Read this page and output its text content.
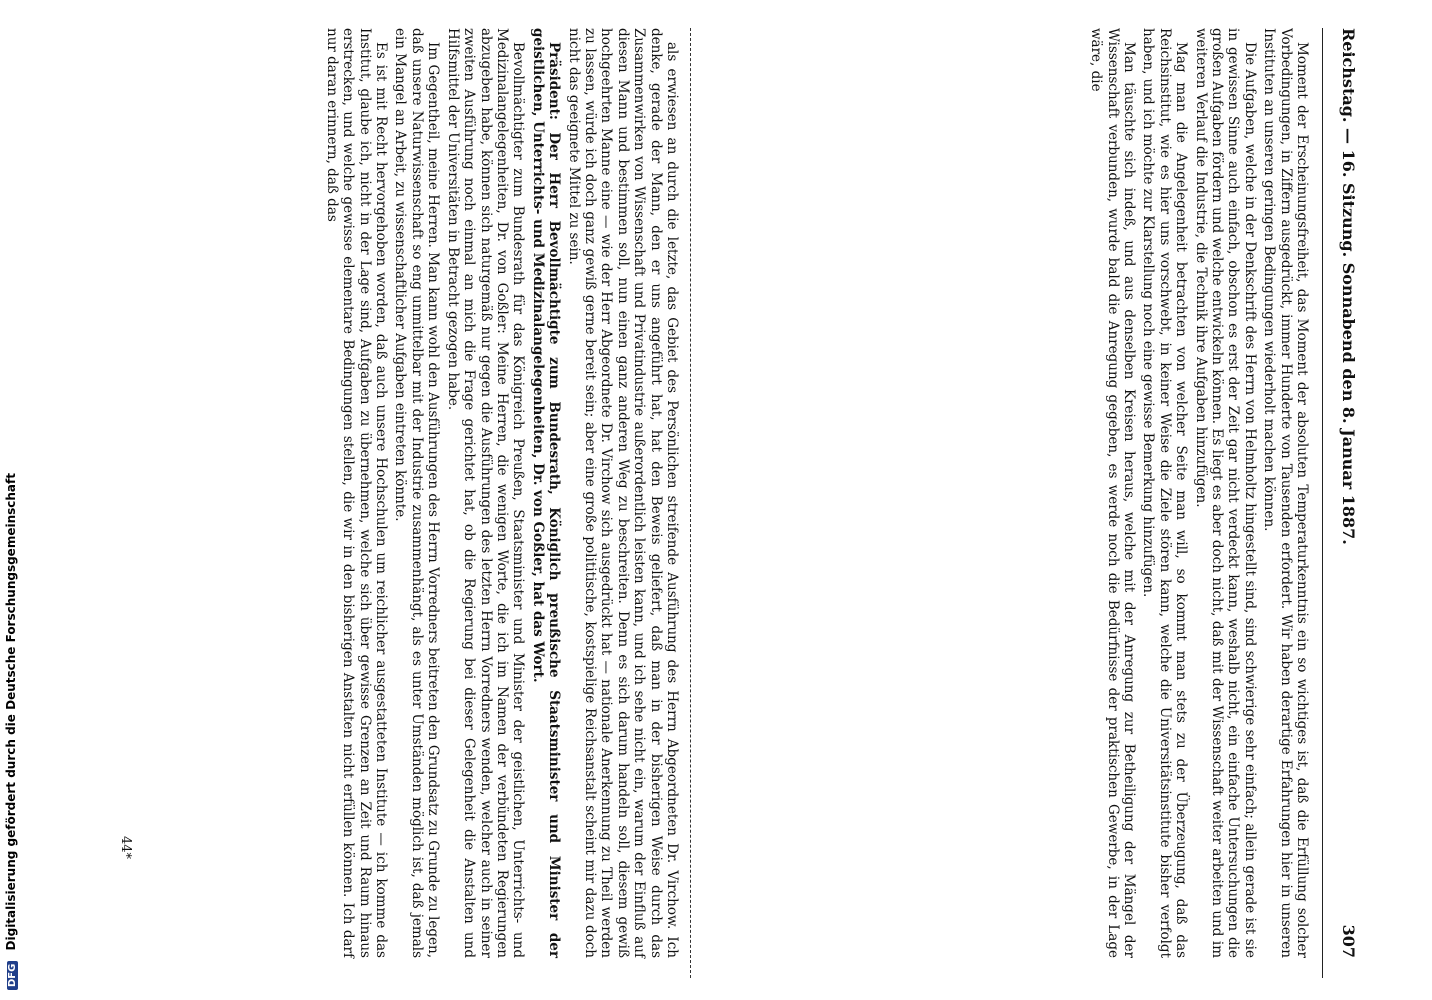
DFG Digitalisierung gefördert durch die Deutsche Forschungsgemeinschaft	als erwiesen an durch die letzte, das Gebiet des Persönlichen streifende Ausführung des Herrn Abgeordneten Dr. Virchow. Ich denke, gerade der Mann, den er uns angeführt hat, hat den Beweis geliefert, daß man in der bisherigen Weise durch das Zusammenwirken von Wissenschaft und Privatindustrie außerordentlich leisten kann, und ich sehe nicht ein, warum der Einfluß auf diesen Mann und bestimmen soll, nun einen ganz anderen Weg zu beschreiten. Denn es sich darum handeln soll, diesem gewiß hochgeehrten Manne eine — wie der Herr Abgeordnete Dr. Virchow sich ausgedrückt hat — nationale Anerkennung zu Theil werden zu lassen, würde ich doch ganz gewiß gerne bereit sein; aber eine große polititische, kostspielige Reichsanstalt scheint mir dazu doch nicht das geeignete Mittel zu sein.

Präsident: Der Herr Bevollmächtigte zum Bundesrath, Königlich preußische Staatsminister und Minister der geistlichen, Unterrichts- und Medizinalangelegenheiten, Dr. von Goßler, hat das Wort.

Bevollmächtigter zum Bundesrath für das Königreich Preußen, Staatsminister und Minister der geistlichen, Unterrichts- und Medizinalangelegenheiten, Dr. von Goßler: Meine Herren, die wenigen Worte, die ich im Namen der verbündeten Regierungen abzugeben habe, können sich naturgemäß nur gegen die Ausführungen des letzten Herrn Vorredners wenden, welcher auch in seiner zweiten Ausführung noch einmal an mich die Frage gerichtet hat, ob die Regierung bei dieser Gelegenheit die Anstalten und Hilfsmittel der Universitäten in Betracht gezogen habe.

Im Gegentheil, meine Herren. Man kann wohl den Ausführungen des Herrn Vorredners beitreten den Grundsatz zu Grunde zu legen, daß unsere Naturwissenschaft so eng unmittelbar mit der Industrie zusammenhängt, als es unter Umständen möglich ist, daß jemals ein Mangel an Arbeit, zu wissenschaftlicher Aufgaben eintreten könnte.

Es ist mit Recht hervorgehoben worden, daß auch unsere Hochschulen um reichlicher ausgestatteten Institute — ich komme das Institut, glaube ich, nicht in der Lage sind, Aufgaben zu übernehmen, welche sich über gewisse Grenzen an Zeit und Raum hinaus erstrecken, und welche gewisse elementare Bedingungen stellen, die wir in den bisherigen Anstalten nicht erfüllen können. Ich darf nur daran erinnern, daß das	Moment der Erscheinungsfreiheit, das Moment der absoluten Temperaturkenntnis ein so wichtiges ist, daß die Erfüllung solcher Vorbedingungen, in Ziffern ausgedrückt, immer Hunderte von Tausenden erfordert. Wir haben derartige Erfahrungen hier in unseren Instituten an unseren geringen Bedingungen wiederholt machen können.

Die Aufgaben, welche in der Denkschrift des Herrn von Helmholtz hingestellt sind, sind schwierige sehr einfach; allein gerade ist sie in gewissen Sinne auch einfach, obschon es erst der Zeit gar nicht verdeckt kann, weshalb nicht, ein einfache Untersuchungen die großen Aufgaben fördern und welche entwickeln können. Es liegt es aber doch nicht, daß mit der Wissenschaft weiter arbeiten und im weiteren Verlauf die Industrie, die Technik ihre Aufgaben hinzufügen.

Mag man die Angelegenheit betrachten von welcher Seite man will, so kommt man stets zu der Überzeugung, daß das Reichsinstitut, wie es hier uns vorschwebt, in keiner Weise die Ziele stören kann, welche die Universitätsinstitute bisher verfolgt haben, und ich möchte zur Klarstellung noch eine gewisse Bemerkung hinzufügen.

Man täuschte sich indeß, und aus denselben Kreisen heraus, welche mit der Anregung zur Betheiligung der Mängel der Wissenschaft verbunden, wurde bald die Anregung gegeben, es werde noch die Bedürfnisse der praktischen Gewerbe, in der Lage wäre, die	Reichstag. — 16. Sitzung. Sonnabend den 8. Januar 1887.
307
44*
